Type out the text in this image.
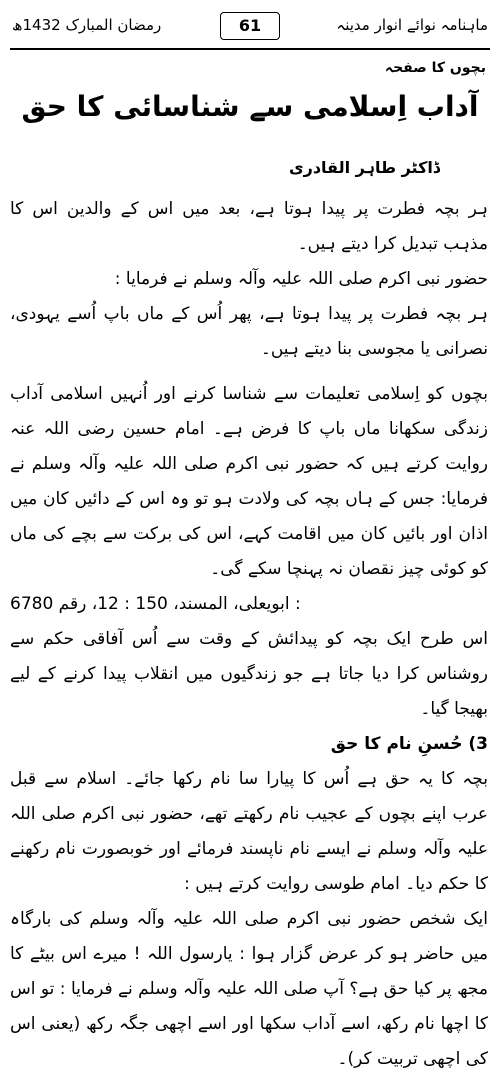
ماہنامہ نوائے انوار مدینہ
61
رمضان المبارک 1432ھ
بچوں کا صفحہ
آداب اِسلامی سے شناسائی کا حق
ڈاکٹر طاہر القادری

ہر بچہ فطرت پر پیدا ہوتا ہے، بعد میں اس کے والدین اس کا مذہب تبدیل کرا دیتے ہیں۔

حضور نبی اکرم صلی اللہ علیہ وآلہ وسلم نے فرمایا :

ہر بچہ فطرت پر پیدا ہوتا ہے، پھر اُس کے ماں باپ اُسے یہودی، نصرانی یا مجوسی بنا دیتے ہیں۔

بچوں کو اِسلامی تعلیمات سے شناسا کرنے اور اُنہیں اسلامی آداب زندگی سکھانا ماں باپ کا فرض ہے۔ امام حسین رضی اللہ عنہ روایت کرتے ہیں کہ حضور نبی اکرم صلی اللہ علیہ وآلہ وسلم نے فرمایا: جس کے ہاں بچہ کی ولادت ہو تو وہ اس کے دائیں کان میں اذان اور بائیں کان میں اقامت کہے، اس کی برکت سے بچے کی ماں کو کوئی چیز نقصان نہ پہنچا سکے گی۔

ابویعلی، المسند، 150 : 12، رقم 6780 :

اس طرح ایک بچہ کو پیدائش کے وقت سے اُس آفاقی حکم سے روشناس کرا دیا جاتا ہے جو زندگیوں میں انقلاب پیدا کرنے کے لیے بھیجا گیا۔

3) حُسنِ نام کا حق

بچہ کا یہ حق ہے اُس کا پیارا سا نام رکھا جائے۔ اسلام سے قبل عرب اپنے بچوں کے عجیب نام رکھتے تھے، حضور نبی اکرم صلی اللہ علیہ وآلہ وسلم نے ایسے نام ناپسند فرمائے اور خوبصورت نام رکھنے کا حکم دیا۔ امام طوسی روایت کرتے ہیں :

ایک شخص حضور نبی اکرم صلی اللہ علیہ وآلہ وسلم کی بارگاہ میں حاضر ہو کر عرض گزار ہوا : یارسول اللہ ! میرے اس بیٹے کا مجھ پر کیا حق ہے؟ آپ صلی اللہ علیہ وآلہ وسلم نے فرمایا : تو اس کا اچھا نام رکھ، اسے آداب سکھا اور اسے اچھی جگہ رکھ (یعنی اس کی اچھی تربیت کر)۔
